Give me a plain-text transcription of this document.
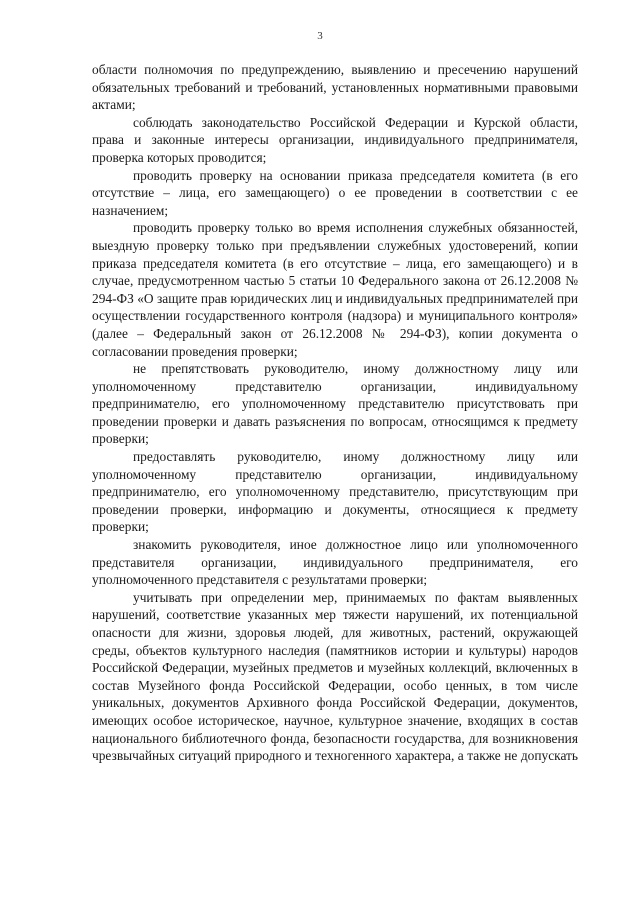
3

области полномочия по предупреждению, выявлению и пресечению нарушений обязательных требований и требований, установленных нормативными правовыми актами;

соблюдать законодательство Российской Федерации и Курской области, права и законные интересы организации, индивидуального предпринимателя, проверка которых проводится;

проводить проверку на основании приказа председателя комитета (в его отсутствие – лица, его замещающего) о ее проведении в соответствии с ее назначением;

проводить проверку только во время исполнения служебных обязанностей, выездную проверку только при предъявлении служебных удостоверений, копии приказа председателя комитета (в его отсутствие – лица, его замещающего) и в случае, предусмотренном частью 5 статьи 10 Федерального закона от 26.12.2008 № 294-ФЗ «О защите прав юридических лиц и индивидуальных предпринимателей при осуществлении государственного контроля (надзора) и муниципального контроля» (далее – Федеральный закон от 26.12.2008 № 294-ФЗ), копии документа о согласовании проведения проверки;

не препятствовать руководителю, иному должностному лицу или уполномоченному представителю организации, индивидуальному предпринимателю, его уполномоченному представителю присутствовать при проведении проверки и давать разъяснения по вопросам, относящимся к предмету проверки;

предоставлять руководителю, иному должностному лицу или уполномоченному представителю организации, индивидуальному предпринимателю, его уполномоченному представителю, присутствующим при проведении проверки, информацию и документы, относящиеся к предмету проверки;

знакомить руководителя, иное должностное лицо или уполномоченного представителя организации, индивидуального предпринимателя, его уполномоченного представителя с результатами проверки;

учитывать при определении мер, принимаемых по фактам выявленных нарушений, соответствие указанных мер тяжести нарушений, их потенциальной опасности для жизни, здоровья людей, для животных, растений, окружающей среды, объектов культурного наследия (памятников истории и культуры) народов Российской Федерации, музейных предметов и музейных коллекций, включенных в состав Музейного фонда Российской Федерации, особо ценных, в том числе уникальных, документов Архивного фонда Российской Федерации, документов, имеющих особое историческое, научное, культурное значение, входящих в состав национального библиотечного фонда, безопасности государства, для возникновения чрезвычайных ситуаций природного и техногенного характера, а также не допускать
